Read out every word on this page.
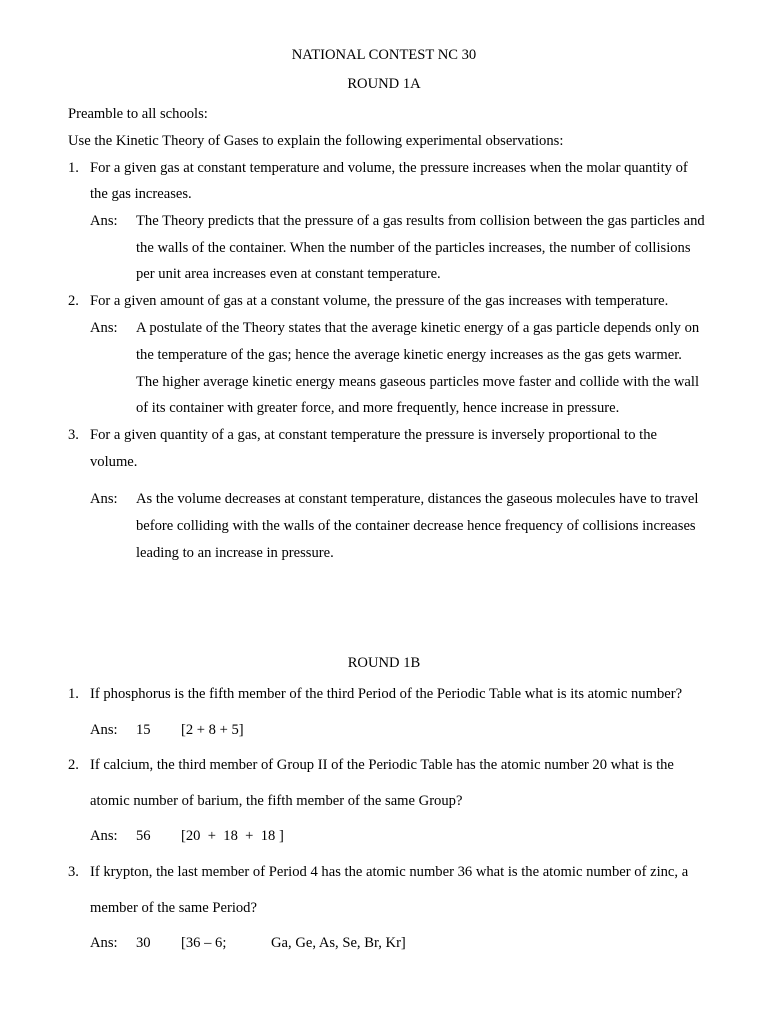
NATIONAL CONTEST NC 30
ROUND 1A
Preamble to all schools:
Use the Kinetic Theory of Gases to explain the following experimental observations:
1. For a given gas at constant temperature and volume, the pressure increases when the molar quantity of
the gas increases.
Ans: The Theory predicts that the pressure of a gas results from collision between the gas particles and
the walls of the container. When the number of the particles increases, the number of collisions
per unit area increases even at constant temperature.
2. For a given amount of gas at a constant volume, the pressure of the gas increases with temperature.
Ans: A postulate of the Theory states that the average kinetic energy of a gas particle depends only on
the temperature of the gas; hence the average kinetic energy increases as the gas gets warmer.
The higher average kinetic energy means gaseous particles move faster and collide with the wall
of its container with greater force, and more frequently, hence increase in pressure.
3. For a given quantity of a gas, at constant temperature the pressure is inversely proportional to the
volume.
Ans: As the volume decreases at constant temperature, distances the gaseous molecules have to travel
before colliding with the walls of the container decrease hence frequency of collisions increases
leading to an increase in pressure.
ROUND 1B
1. If phosphorus is the fifth member of the third Period of the Periodic Table what is its atomic number?
Ans: 15 [2 + 8 + 5]
2. If calcium, the third member of Group II of the Periodic Table has the atomic number 20 what is the
atomic number of barium, the fifth member of the same Group?
Ans: 56 [20  +  18  +  18 ]
3. If krypton, the last member of Period 4 has the atomic number 36 what is the atomic number of zinc, a
member of the same Period?
Ans: 30 [36 – 6;	Ga, Ge, As, Se, Br, Kr]
